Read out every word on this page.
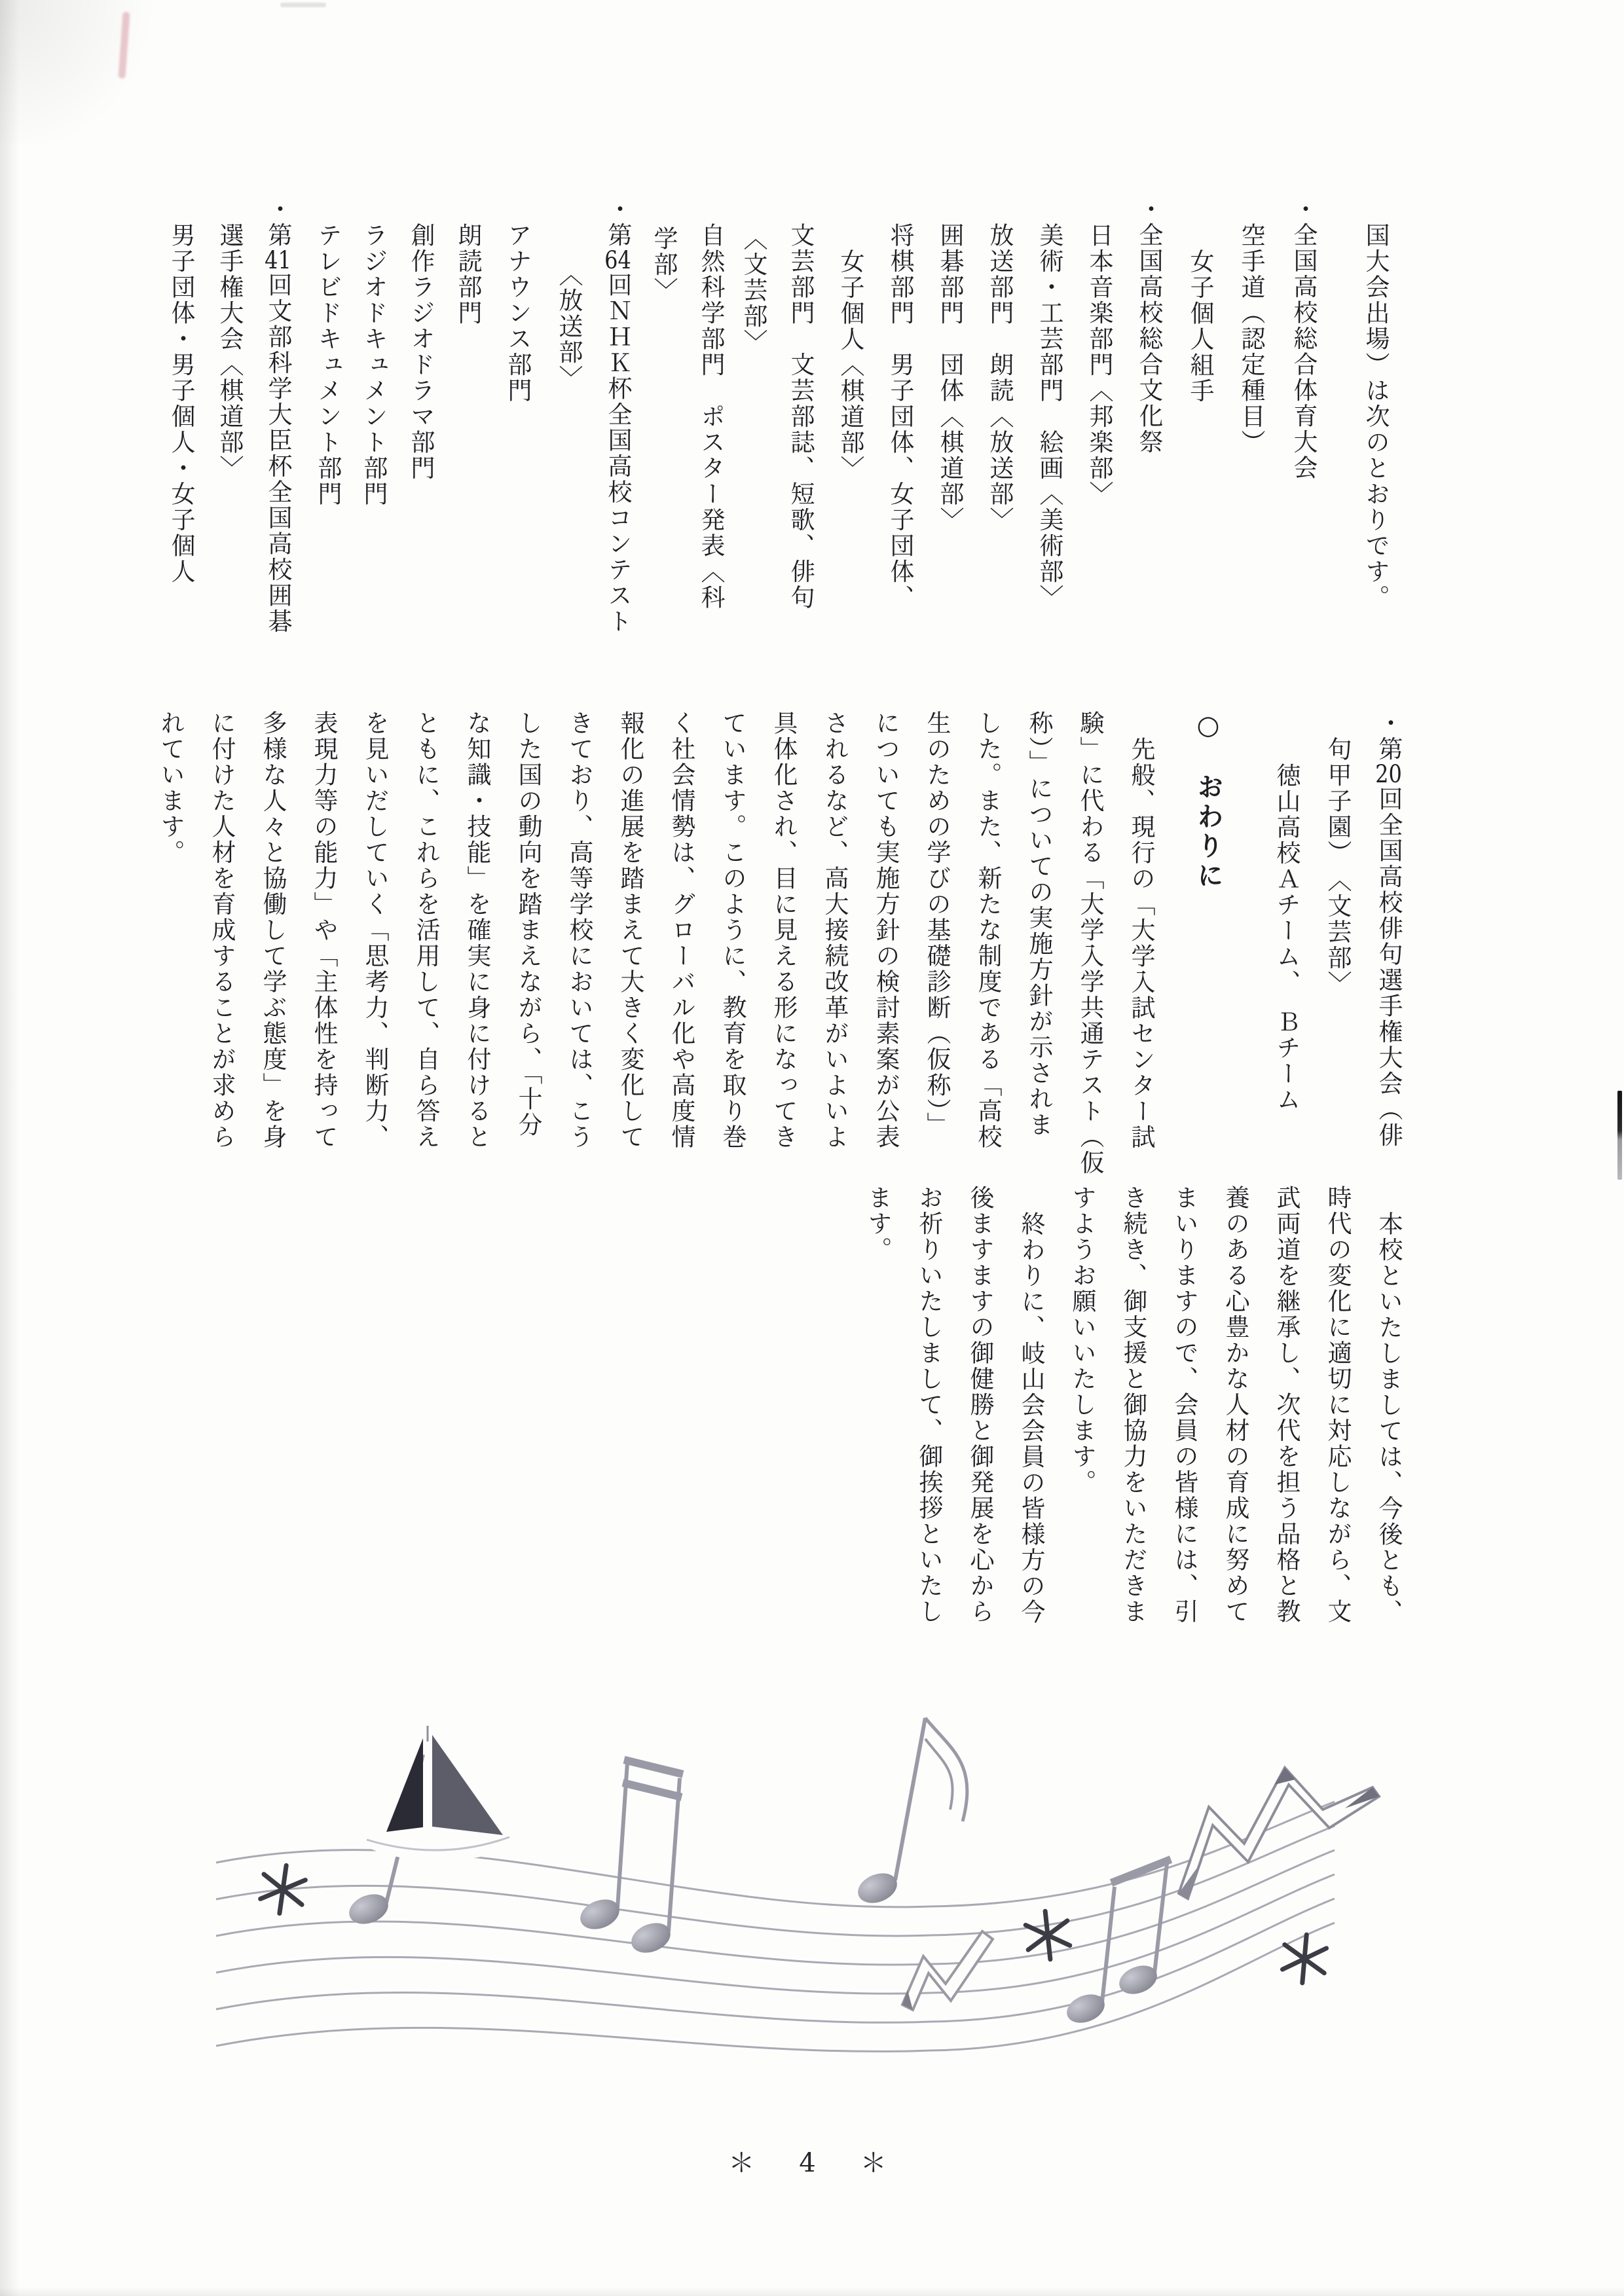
国大会出場）は次のとおりです。
・全国高校総合体育大会
空手道（認定種目）
女子個人組手
・全国高校総合文化祭
日本音楽部門〈邦楽部〉
美術・工芸部門　絵画〈美術部〉
放送部門　朗読〈放送部〉
囲碁部門　団体〈棋道部〉
将棋部門　男子団体、女子団体、
女子個人〈棋道部〉
文芸部門　文芸部誌、短歌、俳句
〈文芸部〉
自然科学部門　ポスター発表〈科
学部〉
・第64回ＮＨＫ杯全国高校コンテスト
〈放送部〉
アナウンス部門
朗読部門
創作ラジオドラマ部門
ラジオドキュメント部門
テレビドキュメント部門
・第41回文部科学大臣杯全国高校囲碁
選手権大会〈棋道部〉
男子団体・男子個人・女子個人
・第20回全国高校俳句選手権大会（俳
句甲子園）　〈文芸部〉
徳山高校Ａチーム、　Ｂチーム
○　おわりに
先般、現行の「大学入試センター試
験」に代わる「大学入学共通テスト（仮
称）」についての実施方針が示されま
した。また、新たな制度である「高校
生のための学びの基礎診断（仮称）」
についても実施方針の検討素案が公表
されるなど、高大接続改革がいよいよ
具体化され、目に見える形になってき
ています。このように、教育を取り巻
く社会情勢は、グローバル化や高度情
報化の進展を踏まえて大きく変化して
きており、高等学校においては、こう
した国の動向を踏まえながら、「十分
な知識・技能」を確実に身に付けると
ともに、これらを活用して、自ら答え
を見いだしていく「思考力、判断力、
表現力等の能力」や「主体性を持って
多様な人々と協働して学ぶ態度」を身
に付けた人材を育成することが求めら
れています。
本校といたしましては、今後とも、
時代の変化に適切に対応しながら、文
武両道を継承し、次代を担う品格と教
養のある心豊かな人材の育成に努めて
まいりますので、会員の皆様には、引
き続き、御支援と御協力をいただきま
すようお願いいたします。
終わりに、岐山会会員の皆様方の今
後ますますの御健勝と御発展を心から
お祈りいたしまして、御挨拶といたし
ます。
＊　4　＊
